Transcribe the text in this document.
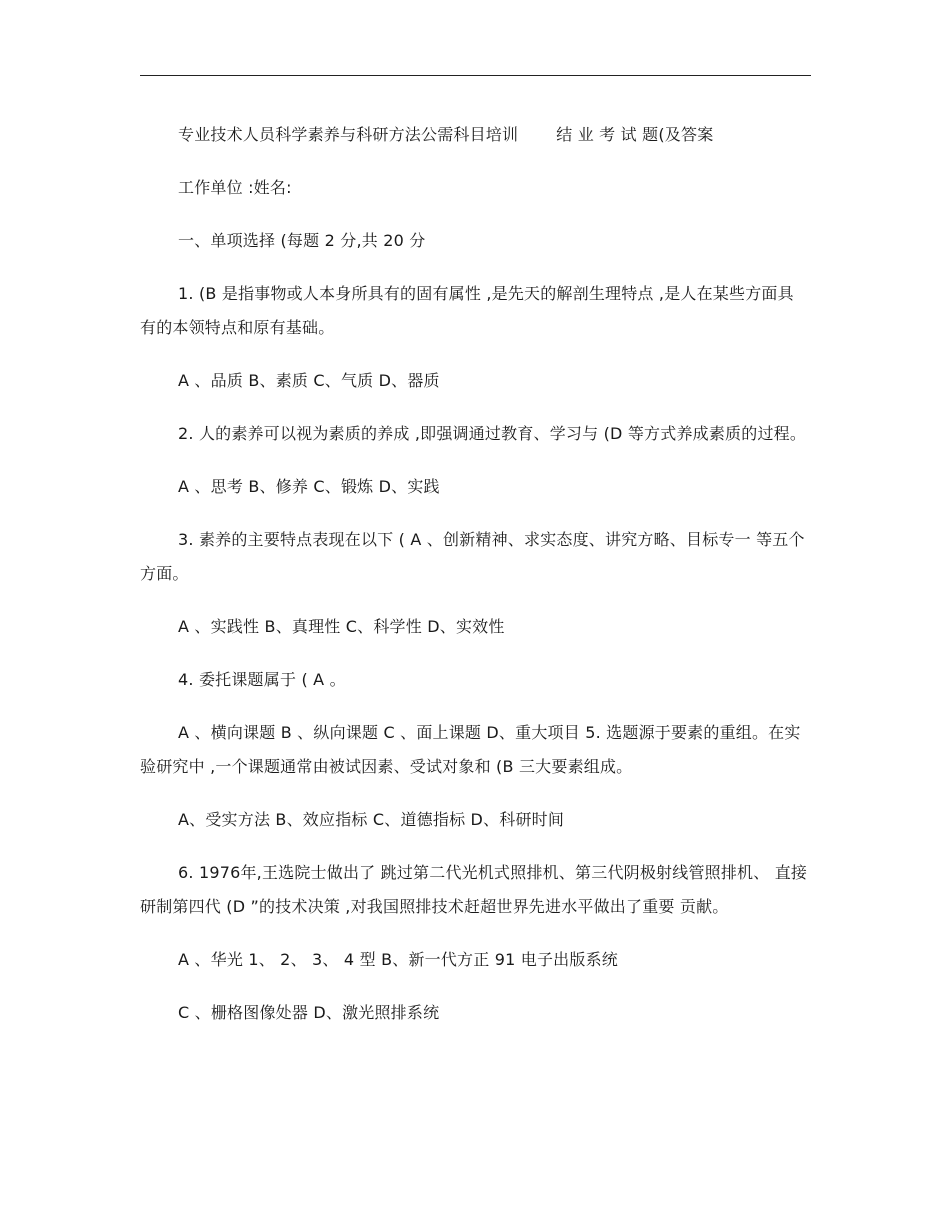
专业技术人员科学素养与科研方法公需科目培训 结 业 考 试 题(及答案

工作单位 :姓名:

一、单项选择 (每题 2 分,共 20 分

1. (B 是指事物或人本身所具有的固有属性 ,是先天的解剖生理特点 ,是人在某些方面具有的本领特点和原有基础。

A 、品质 B、素质 C、气质 D、器质

2. 人的素养可以视为素质的养成 ,即强调通过教育、学习与 (D 等方式养成素质的过程。

A 、思考 B、修养 C、锻炼 D、实践

3. 素养的主要特点表现在以下 ( A 、创新精神、求实态度、讲究方略、目标专一 等五个方面。

A 、实践性 B、真理性 C、科学性 D、实效性

4. 委托课题属于 ( A 。

A 、横向课题 B 、纵向课题 C 、面上课题 D、重大项目 5. 选题源于要素的重组。在实验研究中 ,一个课题通常由被试因素、受试对象和 (B 三大要素组成。

A、受实方法 B、效应指标 C、道德指标 D、科研时间

6. 1976年,王选院士做出了 跳过第二代光机式照排机、第三代阴极射线管照排机、 直接研制第四代 (D ”的技术决策 ,对我国照排技术赶超世界先进水平做出了重要 贡献。

A 、华光 1、 2、 3、 4 型 B、新一代方正 91 电子出版系统

C 、栅格图像处器 D、激光照排系统
